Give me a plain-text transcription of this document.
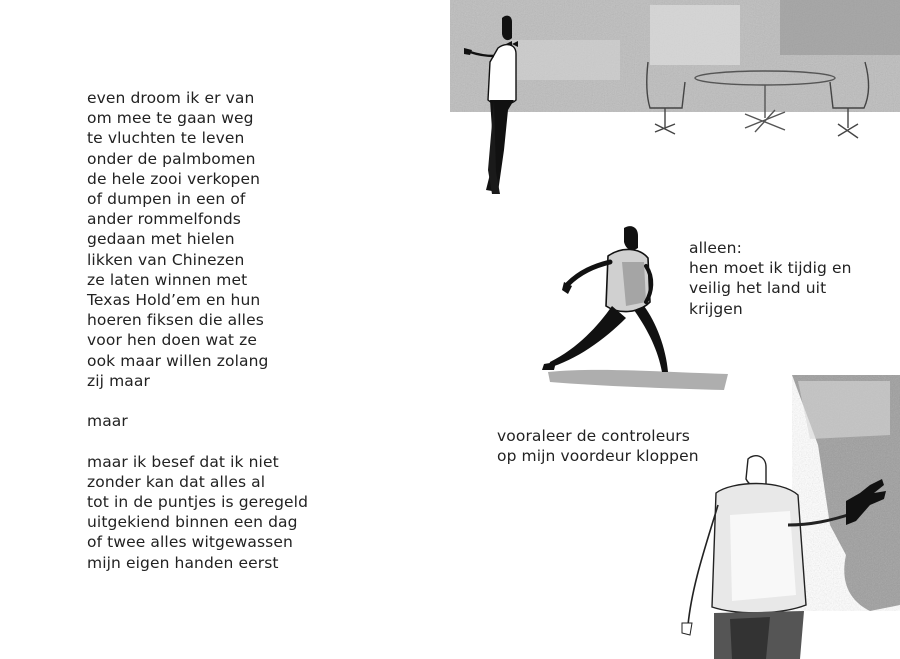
even droom ik er van
om mee te gaan weg
te vluchten te leven
onder de palmbomen
de hele zooi verkopen
of dumpen in een of
ander rommelfonds
gedaan met hielen
likken van Chinezen
ze laten winnen met
Texas Hold’em en hun
hoeren fiksen die alles
voor hen doen wat ze
ook maar willen zolang
zij maar

maar

maar ik besef dat ik niet
zonder kan dat alles al
tot in de puntjes is geregeld
uitgekiend binnen een dag
of twee alles witgewassen
mijn eigen handen eerst

alleen:
hen moet ik tijdig en
veilig het land uit
krijgen

vooraleer de controleurs
op mijn voordeur kloppen
